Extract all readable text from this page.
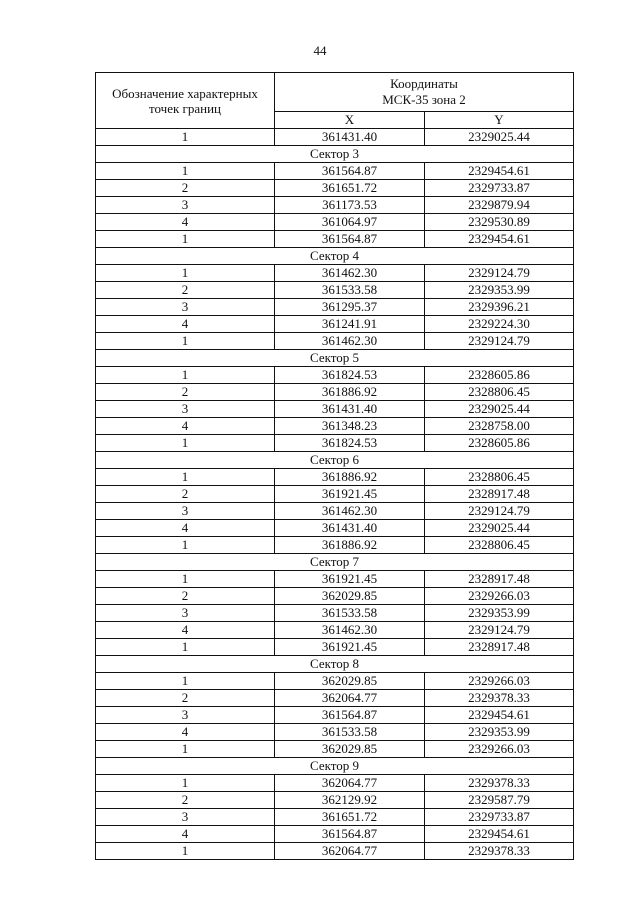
44
Обозначение характерных
точек границ	Координаты
МСК-35 зона 2	

	X	Y
1	361431.40	2329025.44
Сектор 3		
1	361564.87	2329454.61
2	361651.72	2329733.87
3	361173.53	2329879.94
4	361064.97	2329530.89
1	361564.87	2329454.61
Сектор 4		
1	361462.30	2329124.79
2	361533.58	2329353.99
3	361295.37	2329396.21
4	361241.91	2329224.30
1	361462.30	2329124.79
Сектор 5		
1	361824.53	2328605.86
2	361886.92	2328806.45
3	361431.40	2329025.44
4	361348.23	2328758.00
1	361824.53	2328605.86
Сектор 6		
1	361886.92	2328806.45
2	361921.45	2328917.48
3	361462.30	2329124.79
4	361431.40	2329025.44
1	361886.92	2328806.45
Сектор 7		
1	361921.45	2328917.48
2	362029.85	2329266.03
3	361533.58	2329353.99
4	361462.30	2329124.79
1	361921.45	2328917.48
Сектор 8		
1	362029.85	2329266.03
2	362064.77	2329378.33
3	361564.87	2329454.61
4	361533.58	2329353.99
1	362029.85	2329266.03
Сектор 9		
1	362064.77	2329378.33
2	362129.92	2329587.79
3	361651.72	2329733.87
4	361564.87	2329454.61
1	362064.77	2329378.33
